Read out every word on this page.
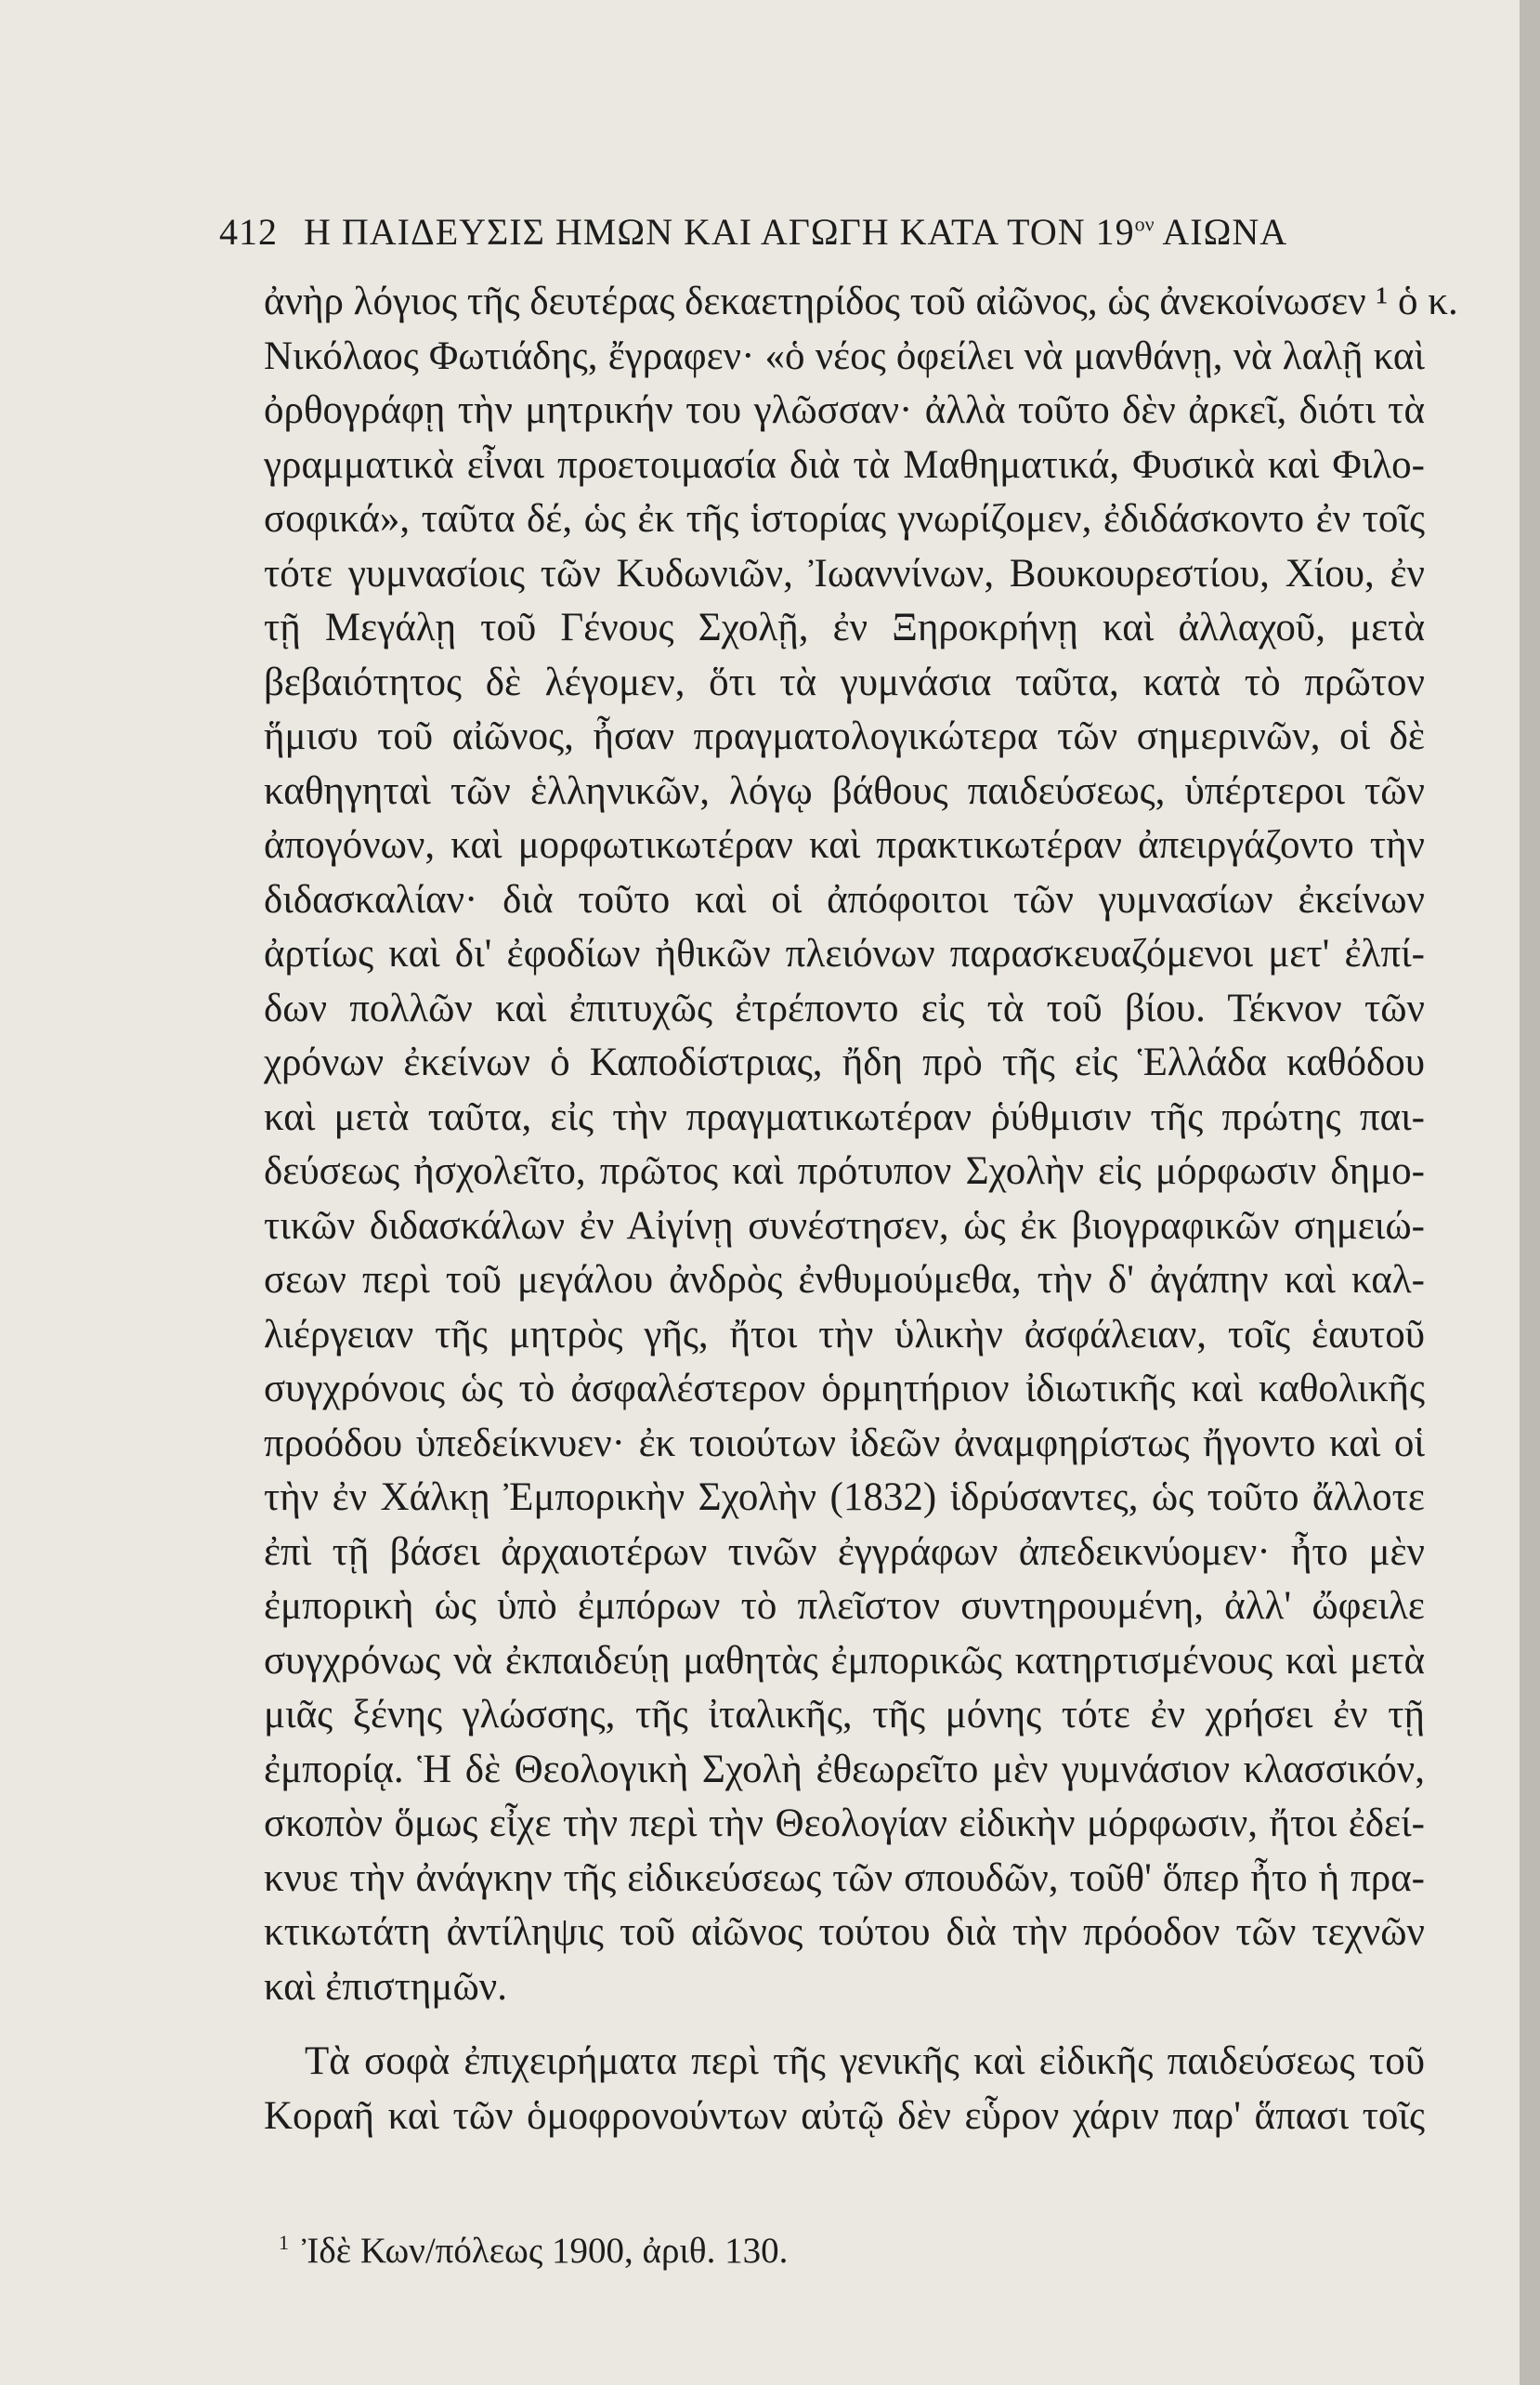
412 Η ΠΑΙΔΕΥΣΙΣ ΗΜΩΝ ΚΑΙ ΑΓΩΓΗ ΚΑΤΑ ΤΟΝ $19^{o\nu}$ ΑΙΩΝΑ
ἀνὴρ λόγιος τῆς δευτέρας δεκαετηρίδος τοῦ αἰῶνος, ὡς ἀνεκοίνωσεν ¹ ὁ κ.
Νικόλαος Φωτιάδης, ἔγραφεν· «ὁ νέος ὀφείλει νὰ μανθάνῃ, νὰ λαλῇ καὶ
ὀρθογράφῃ τὴν μητρικήν του γλῶσσαν· ἀλλὰ τοῦτο δὲν ἀρκεῖ, διότι τὰ
γραμματικὰ εἶναι προετοιμασία διὰ τὰ Μαθηματικά, Φυσικὰ καὶ Φιλο-
σοφικά», ταῦτα δέ, ὡς ἐκ τῆς ἱστορίας γνωρίζομεν, ἐδιδάσκοντο ἐν τοῖς
τότε γυμνασίοις τῶν Κυδωνιῶν, Ἰωαννίνων, Βουκουρεστίου, Χίου, ἐν
τῇ Μεγάλῃ τοῦ Γένους Σχολῇ, ἐν Ξηροκρήνῃ καὶ ἀλλαχοῦ, μετὰ
βεβαιότητος δὲ λέγομεν, ὅτι τὰ γυμνάσια ταῦτα, κατὰ τὸ πρῶτον
ἥμισυ τοῦ αἰῶνος, ἦσαν πραγματολογικώτερα τῶν σημερινῶν, οἱ δὲ
καθηγηταὶ τῶν ἑλληνικῶν, λόγῳ βάθους παιδεύσεως, ὑπέρτεροι τῶν
ἀπογόνων, καὶ μορφωτικωτέραν καὶ πρακτικωτέραν ἀπειργάζοντο τὴν
διδασκαλίαν· διὰ τοῦτο καὶ οἱ ἀπόφοιτοι τῶν γυμνασίων ἐκείνων
ἀρτίως καὶ δι' ἐφοδίων ἠθικῶν πλειόνων παρασκευαζόμενοι μετ' ἐλπί-
δων πολλῶν καὶ ἐπιτυχῶς ἐτρέποντο εἰς τὰ τοῦ βίου. Τέκνον τῶν
χρόνων ἐκείνων ὁ Καποδίστριας, ἤδη πρὸ τῆς εἰς Ἑλλάδα καθόδου
καὶ μετὰ ταῦτα, εἰς τὴν πραγματικωτέραν ῥύθμισιν τῆς πρώτης παι-
δεύσεως ἠσχολεῖτο, πρῶτος καὶ πρότυπον Σχολὴν εἰς μόρφωσιν δημο-
τικῶν διδασκάλων ἐν Αἰγίνῃ συνέστησεν, ὡς ἐκ βιογραφικῶν σημειώ-
σεων περὶ τοῦ μεγάλου ἀνδρὸς ἐνθυμούμεθα, τὴν δ' ἀγάπην καὶ καλ-
λιέργειαν τῆς μητρὸς γῆς, ἤτοι τὴν ὑλικὴν ἀσφάλειαν, τοῖς ἑαυτοῦ
συγχρόνοις ὡς τὸ ἀσφαλέστερον ὁρμητήριον ἰδιωτικῆς καὶ καθολικῆς
προόδου ὑπεδείκνυεν· ἐκ τοιούτων ἰδεῶν ἀναμφηρίστως ἤγοντο καὶ οἱ
τὴν ἐν Χάλκῃ Ἐμπορικὴν Σχολὴν (1832) ἱδρύσαντες, ὡς τοῦτο ἄλλοτε
ἐπὶ τῇ βάσει ἀρχαιοτέρων τινῶν ἐγγράφων ἀπεδεικνύομεν· ἦτο μὲν
ἐμπορικὴ ὡς ὑπὸ ἐμπόρων τὸ πλεῖστον συντηρουμένη, ἀλλ' ὤφειλε
συγχρόνως νὰ ἐκπαιδεύῃ μαθητὰς ἐμπορικῶς κατηρτισμένους καὶ μετὰ
μιᾶς ξένης γλώσσης, τῆς ἰταλικῆς, τῆς μόνης τότε ἐν χρήσει ἐν τῇ
ἐμπορίᾳ. Ἡ δὲ Θεολογικὴ Σχολὴ ἐθεωρεῖτο μὲν γυμνάσιον κλασσικόν,
σκοπὸν ὅμως εἶχε τὴν περὶ τὴν Θεολογίαν εἰδικὴν μόρφωσιν, ἤτοι ἐδεί-
κνυε τὴν ἀνάγκην τῆς εἰδικεύσεως τῶν σπουδῶν, τοῦθ' ὅπερ ἦτο ἡ πρα-
κτικωτάτη ἀντίληψις τοῦ αἰῶνος τούτου διὰ τὴν πρόοδον τῶν τεχνῶν
καὶ ἐπιστημῶν.
Τὰ σοφὰ ἐπιχειρήματα περὶ τῆς γενικῆς καὶ εἰδικῆς παιδεύσεως τοῦ
Κοραῆ καὶ τῶν ὁμοφρονούντων αὐτῷ δὲν εὗρον χάριν παρ' ἅπασι τοῖς
$^1$ Ἰδὲ Κων/πόλεως 1900, ἀριθ. 130.
